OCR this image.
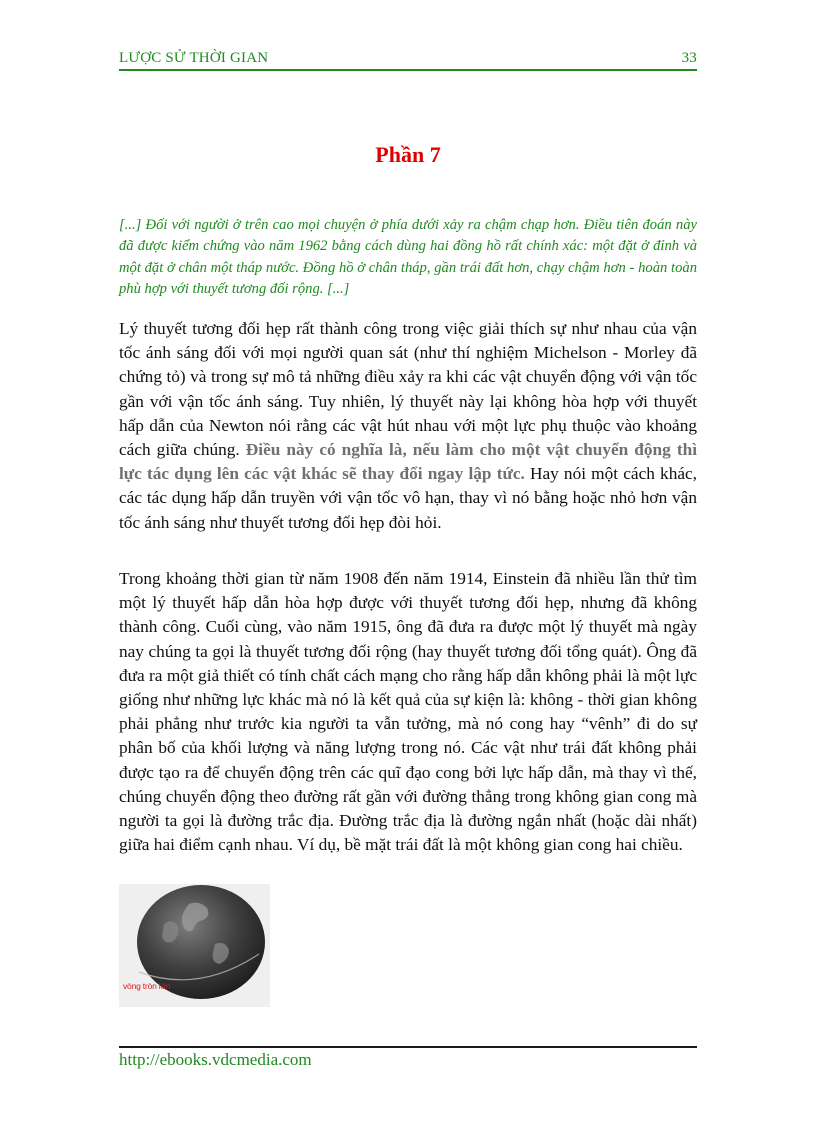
LƯỢC SỬ THỜI GIAN	33
Phần 7
[...] Đối với người ở trên cao mọi chuyện ở phía dưới xảy ra chậm chạp hơn. Điều tiên đoán này đã được kiểm chứng vào năm 1962 bằng cách dùng hai đồng hồ rất chính xác: một đặt ở đỉnh và một đặt ở chân một tháp nước. Đồng hồ ở chân tháp, gần trái đất hơn, chạy chậm hơn - hoàn toàn phù hợp với thuyết tương đối rộng. [...]
Lý thuyết tương đối hẹp rất thành công trong việc giải thích sự như nhau của vận tốc ánh sáng đối với mọi người quan sát (như thí nghiệm Michelson - Morley đã chứng tỏ) và trong sự mô tả những điều xảy ra khi các vật chuyển động với vận tốc gần với vận tốc ánh sáng. Tuy nhiên, lý thuyết này lại không hòa hợp với thuyết hấp dẫn của Newton nói rằng các vật hút nhau với một lực phụ thuộc vào khoảng cách giữa chúng. Điều này có nghĩa là, nếu làm cho một vật chuyển động thì lực tác dụng lên các vật khác sẽ thay đổi ngay lập tức. Hay nói một cách khác, các tác dụng hấp dẫn truyền với vận tốc vô hạn, thay vì nó bằng hoặc nhỏ hơn vận tốc ánh sáng như thuyết tương đối hẹp đòi hỏi.
Trong khoảng thời gian từ năm 1908 đến năm 1914, Einstein đã nhiều lần thử tìm một lý thuyết hấp dẫn hòa hợp được với thuyết tương đối hẹp, nhưng đã không thành công. Cuối cùng, vào năm 1915, ông đã đưa ra được một lý thuyết mà ngày nay chúng ta gọi là thuyết tương đối rộng (hay thuyết tương đối tổng quát). Ông đã đưa ra một giả thiết có tính chất cách mạng cho rằng hấp dẫn không phải là một lực giống như những lực khác mà nó là kết quả của sự kiện là: không - thời gian không phải phẳng như trước kia người ta vẫn tưởng, mà nó cong hay “vênh” đi do sự phân bố của khối lượng và năng lượng trong nó. Các vật như trái đất không phải được tạo ra để chuyển động trên các quĩ đạo cong bởi lực hấp dẫn, mà thay vì thế, chúng chuyển động theo đường rất gần với đường thẳng trong không gian cong mà người ta gọi là đường trắc địa. Đường trắc địa là đường ngắn nhất (hoặc dài nhất) giữa hai điểm cạnh nhau. Ví dụ, bề mặt trái đất là một không gian cong hai chiều.
vòng tròn lớn
http://ebooks.vdcmedia.com
